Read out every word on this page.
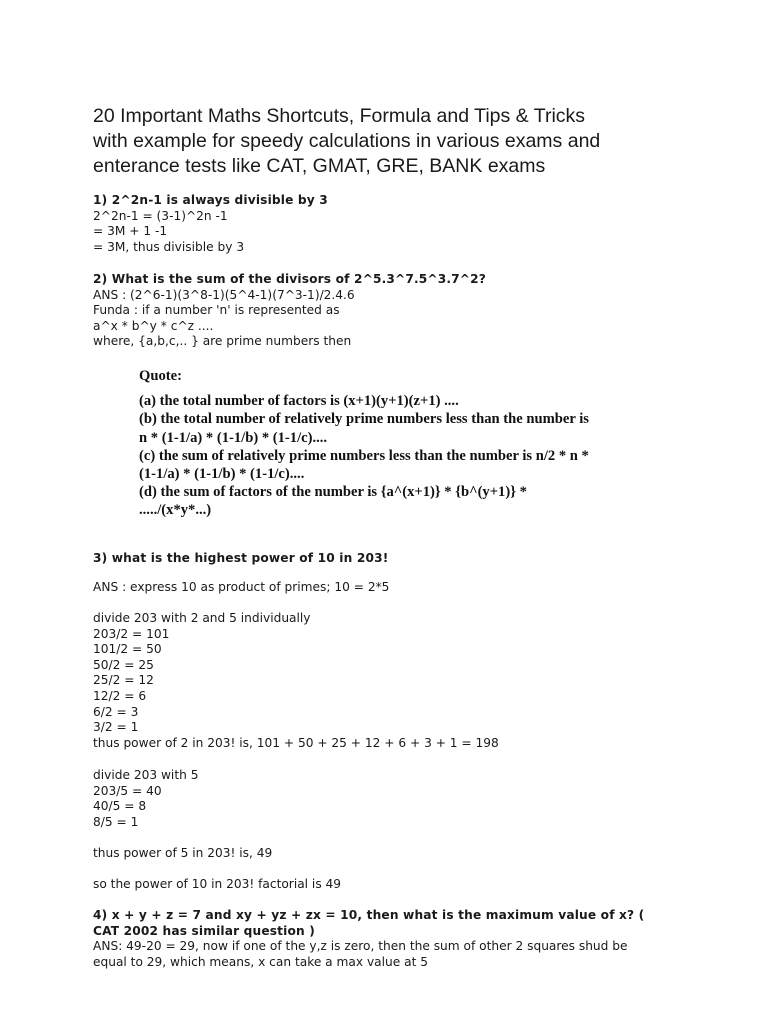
20 Important Maths Shortcuts, Formula and Tips & Tricks
with example for speedy calculations in various exams and
enterance tests like CAT, GMAT, GRE, BANK exams
1) 2^2n-1 is always divisible by 3
2^2n-1 = (3-1)^2n -1
= 3M + 1 -1
= 3M, thus divisible by 3
2) What is the sum of the divisors of 2^5.3^7.5^3.7^2?
ANS : (2^6-1)(3^8-1)(5^4-1)(7^3-1)/2.4.6
Funda : if a number 'n' is represented as
a^x * b^y * c^z ....
where, {a,b,c,.. } are prime numbers then
Quote:
(a) the total number of factors is (x+1)(y+1)(z+1) ....
(b) the total number of relatively prime numbers less than the number is
n * (1-1/a) * (1-1/b) * (1-1/c)....
(c) the sum of relatively prime numbers less than the number is n/2 * n *
(1-1/a) * (1-1/b) * (1-1/c)....
(d) the sum of factors of the number is {a^(x+1)} * {b^(y+1)} *
...../(x*y*...)
3) what is the highest power of 10 in 203!
ANS : express 10 as product of primes; 10 = 2*5
divide 203 with 2 and 5 individually
203/2 = 101
101/2 = 50
50/2 = 25
25/2 = 12
12/2 = 6
6/2 = 3
3/2 = 1
thus power of 2 in 203! is, 101 + 50 + 25 + 12 + 6 + 3 + 1 = 198
divide 203 with 5
203/5 = 40
40/5 = 8
8/5 = 1
thus power of 5 in 203! is, 49
so the power of 10 in 203! factorial is 49
4) x + y + z = 7 and xy + yz + zx = 10, then what is the maximum value of x? (
CAT 2002 has similar question )
ANS: 49-20 = 29, now if one of the y,z is zero, then the sum of other 2 squares shud be
equal to 29, which means, x can take a max value at 5
